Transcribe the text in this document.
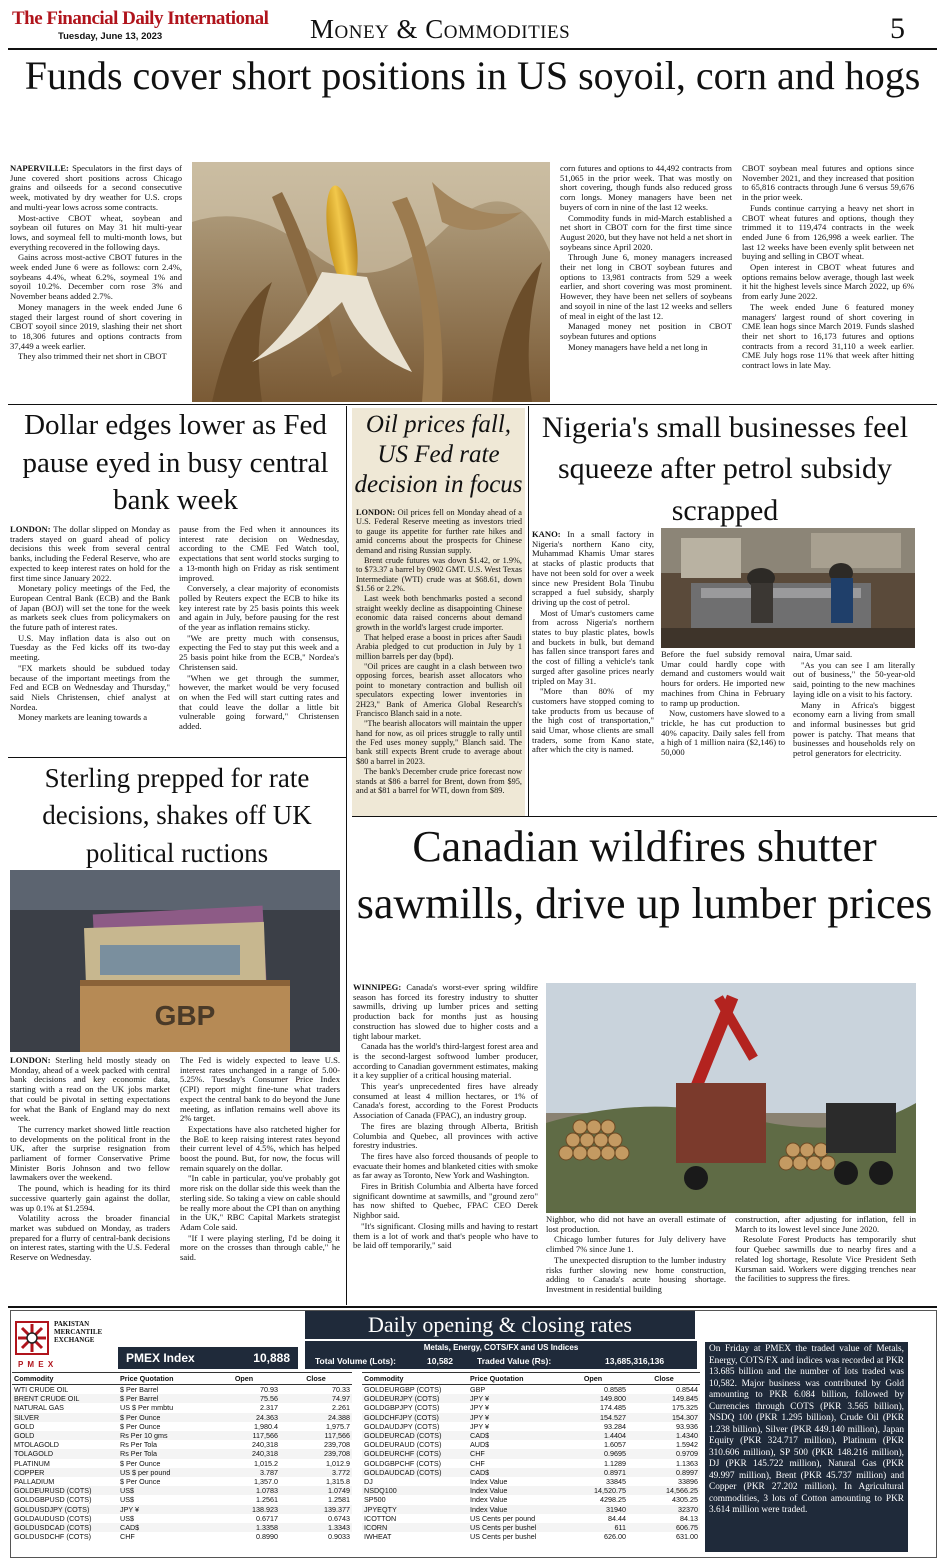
The Financial Daily International
Tuesday, June 13, 2023	Money & Commodities	5
Funds cover short positions in US soyoil, corn and hogs

NAPERVILLE: Speculators in the first days of June covered short positions across Chicago grains and oilseeds for a second consecutive week, motivated by dry weather for U.S. crops and multi-year lows across some contracts.

Most-active CBOT wheat, soybean and soybean oil futures on May 31 hit multi-year lows, and soymeal fell to multi-month lows, but everything recovered in the following days.

Gains across most-active CBOT futures in the week ended June 6 were as follows: corn 2.4%, soybeans 4.4%, wheat 6.2%, soymeal 1% and soyoil 10.2%. December corn rose 3% and November beans added 2.7%.

Money managers in the week ended June 6 staged their largest round of short covering in CBOT soyoil since 2019, slashing their net short to 18,306 futures and options contracts from 37,449 a week earlier.

They also trimmed their net short in CBOT

corn futures and options to 44,492 contracts from 51,065 in the prior week. That was mostly on short covering, though funds also reduced gross corn longs. Money managers have been net buyers of corn in nine of the last 12 weeks.

Commodity funds in mid-March established a net short in CBOT corn for the first time since August 2020, but they have not held a net short in soybeans since April 2020.

Through June 6, money managers increased their net long in CBOT soybean futures and options to 13,981 contracts from 529 a week earlier, and short covering was most prominent. However, they have been net sellers of soybeans and soyoil in nine of the last 12 weeks and sellers of meal in eight of the last 12.

Managed money net position in CBOT soybean futures and options

Money managers have held a net long in

CBOT soybean meal futures and options since November 2021, and they increased that position to 65,816 contracts through June 6 versus 59,676 in the prior week.

Funds continue carrying a heavy net short in CBOT wheat futures and options, though they trimmed it to 119,474 contracts in the week ended June 6 from 126,998 a week earlier. The last 12 weeks have been evenly split between net buying and selling in CBOT wheat.

Open interest in CBOT wheat futures and options remains below average, though last week it hit the highest levels since March 2022, up 6% from early June 2022.

The week ended June 6 featured money managers' largest round of short covering in CME lean hogs since March 2019. Funds slashed their net short to 16,173 futures and options contracts from a record 31,110 a week earlier. CME July hogs rose 11% that week after hitting contract lows in late May.

Dollar edges lower as Fed pause eyed in busy central bank week

LONDON: The dollar slipped on Monday as traders stayed on guard ahead of policy decisions this week from several central banks, including the Federal Reserve, who are expected to keep interest rates on hold for the first time since January 2022.

Monetary policy meetings of the Fed, the European Central Bank (ECB) and the Bank of Japan (BOJ) will set the tone for the week as markets seek clues from policymakers on the future path of interest rates.

U.S. May inflation data is also out on Tuesday as the Fed kicks off its two-day meeting.

"FX markets should be subdued today because of the important meetings from the Fed and ECB on Wednesday and Thursday," said Niels Christensen, chief analyst at Nordea.

Money markets are leaning towards a

pause from the Fed when it announces its interest rate decision on Wednesday, according to the CME Fed Watch tool, expectations that sent world stocks surging to a 13-month high on Friday as risk sentiment improved.

Conversely, a clear majority of economists polled by Reuters expect the ECB to hike its key interest rate by 25 basis points this week and again in July, before pausing for the rest of the year as inflation remains sticky.

"We are pretty much with consensus, expecting the Fed to stay put this week and a 25 basis point hike from the ECB," Nordea's Christensen said.

"When we get through the summer, however, the market would be very focused on when the Fed will start cutting rates and that could leave the dollar a little bit vulnerable going forward," Christensen added.

Oil prices fall, US Fed rate decision in focus

LONDON: Oil prices fell on Monday ahead of a U.S. Federal Reserve meeting as investors tried to gauge its appetite for further rate hikes and amid concerns about the prospects for Chinese demand and rising Russian supply.

Brent crude futures was down $1.42, or 1.9%, to $73.37 a barrel by 0902 GMT. U.S. West Texas Intermediate (WTI) crude was at $68.61, down $1.56 or 2.2%.

Last week both benchmarks posted a second straight weekly decline as disappointing Chinese economic data raised concerns about demand growth in the world's largest crude importer.

That helped erase a boost in prices after Saudi Arabia pledged to cut production in July by 1 million barrels per day (bpd).

"Oil prices are caught in a clash between two opposing forces, bearish asset allocators who point to monetary contraction and bullish oil speculators expecting lower inventories in 2H23," Bank of America Global Research's Francisco Blanch said in a note.

"The bearish allocators will maintain the upper hand for now, as oil prices struggle to rally until the Fed uses money supply," Blanch said. The bank still expects Brent crude to average about $80 a barrel in 2023.

The bank's December crude price forecast now stands at $86 a barrel for Brent, down from $95, and at $81 a barrel for WTI, down from $89.

Nigeria's small businesses feel squeeze after petrol subsidy scrapped

KANO: In a small factory in Nigeria's northern Kano city, Muhammad Khamis Umar stares at stacks of plastic products that have not been sold for over a week since new President Bola Tinubu scrapped a fuel subsidy, sharply driving up the cost of petrol.

Most of Umar's customers came from across Nigeria's northern states to buy plastic plates, bowls and buckets in bulk, but demand has fallen since transport fares and the cost of filling a vehicle's tank surged after gasoline prices nearly tripled on May 31.

"More than 80% of my customers have stopped coming to take products from us because of the high cost of transportation," said Umar, whose clients are small traders, some from Kano state, after which the city is named.

Before the fuel subsidy removal Umar could hardly cope with demand and customers would wait hours for orders. He imported new machines from China in February to ramp up production.

Now, customers have slowed to a trickle, he has cut production to 40% capacity. Daily sales fell from a high of 1 million naira ($2,146) to 50,000

naira, Umar said.

"As you can see I am literally out of business," the 50-year-old said, pointing to the new machines laying idle on a visit to his factory.

Many in Africa's biggest economy earn a living from small and informal businesses but grid power is patchy. That means that businesses and households rely on petrol generators for electricity.

Sterling prepped for rate decisions, shakes off UK political ructions
GBP

LONDON: Sterling held mostly steady on Monday, ahead of a week packed with central bank decisions and key economic data, starting with a read on the UK jobs market that could be pivotal in setting expectations for what the Bank of England may do next week.

The currency market showed little reaction to developments on the political front in the UK, after the surprise resignation from parliament of former Conservative Prime Minister Boris Johnson and two fellow lawmakers over the weekend.

The pound, which is heading for its third successive quarterly gain against the dollar, was up 0.1% at $1.2594.

Volatility across the broader financial market was subdued on Monday, as traders prepared for a flurry of central-bank decisions on interest rates, starting with the U.S. Federal Reserve on Wednesday.

The Fed is widely expected to leave U.S. interest rates unchanged in a range of 5.00-5.25%. Tuesday's Consumer Price Index (CPI) report might fine-tune what traders expect the central bank to do beyond the June meeting, as inflation remains well above its 2% target.

Expectations have also ratcheted higher for the BoE to keep raising interest rates beyond their current level of 4.5%, which has helped boost the pound. But, for now, the focus will remain squarely on the dollar.

"In cable in particular, you've probably got more risk on the dollar side this week than the sterling side. So taking a view on cable should be really more about the CPI than on anything in the UK," RBC Capital Markets strategist Adam Cole said.

"If I were playing sterling, I'd be doing it more on the crosses than through cable," he said.

Canadian wildfires shutter sawmills, drive up lumber prices

WINNIPEG: Canada's worst-ever spring wildfire season has forced its forestry industry to shutter sawmills, driving up lumber prices and setting production back for months just as housing construction has slowed due to higher costs and a tight labour market.

Canada has the world's third-largest forest area and is the second-largest softwood lumber producer, according to Canadian government estimates, making it a key supplier of a critical housing material.

This year's unprecedented fires have already consumed at least 4 million hectares, or 1% of Canada's forest, according to the Forest Products Association of Canada (FPAC), an industry group.

The fires are blazing through Alberta, British Columbia and Quebec, all provinces with active forestry industries.

The fires have also forced thousands of people to evacuate their homes and blanketed cities with smoke as far away as Toronto, New York and Washington.

Fires in British Columbia and Alberta have forced significant downtime at sawmills, and "ground zero" has now shifted to Quebec, FPAC CEO Derek Nighbor said.

"It's significant. Closing mills and having to restart them is a lot of work and that's people who have to be laid off temporarily," said

Nighbor, who did not have an overall estimate of lost production.

Chicago lumber futures for July delivery have climbed 7% since June 1.

The unexpected disruption to the lumber industry risks further slowing new home construction, adding to Canada's acute housing shortage. Investment in residential building

construction, after adjusting for inflation, fell in March to its lowest level since June 2020.

Resolute Forest Products has temporarily shut four Quebec sawmills due to nearby fires and a related log shortage, Resolute Vice President Seth Kursman said. Workers were digging trenches near the facilities to suppress the fires.

PAKISTAN
MERCANTILE
EXCHANGE
P M E X
Daily opening & closing rates
PMEX Index	10,888
Metals, Energy, COTS/FX and US Indices
Total Volume (Lots):	10,582	Traded Value (Rs):	13,685,316,136
Commodity	Price Quotation	Open	Close
WTI CRUDE OIL	$ Per Barrel	70.93	70.33
BRENT CRUDE OIL	$ Per Barrel	75.56	74.97
NATURAL GAS	US $ Per mmbtu	2.317	2.261
SILVER	$ Per Ounce	24.363	24.388
GOLD	$ Per Ounce	1,980.4	1,975.7
GOLD	Rs Per 10 gms	117,566	117,566
MTOLAGOLD	Rs Per Tola	240,318	239,708
TOLAGOLD	Rs Per Tola	240,318	239,708
PLATINUM	$ Per Ounce	1,015.2	1,012.9
COPPER	US $ per pound	3.787	3.772
PALLADIUM	$ Per Ounce	1,357.0	1,315.8
GOLDEURUSD (COTS)	US$	1.0783	1.0749
GOLDGBPUSD (COTS)	US$	1.2561	1.2581
GOLDUSDJPY (COTS)	JPY ¥	138.923	139.377
GOLDAUDUSD (COTS)	US$	0.6717	0.6743
GOLDUSDCAD (COTS)	CAD$	1.3358	1.3343
GOLDUSDCHF (COTS)	CHF	0.8990	0.9033
Commodity	Price Quotation	Open	Close
GOLDEURGBP (COTS)	GBP	0.8585	0.8544
GOLDEURJPY (COTS)	JPY ¥	149.800	149.845
GOLDGBPJPY (COTS)	JPY ¥	174.485	175.325
GOLDCHFJPY (COTS)	JPY ¥	154.527	154.307
GOLDAUDJPY (COTS)	JPY ¥	93.284	93.936
GOLDEURCAD (COTS)	CAD$	1.4404	1.4340
GOLDEURAUD (COTS)	AUD$	1.6057	1.5942
GOLDEURCHF (COTS)	CHF	0.9695	0.9709
GOLDGBPCHF (COTS)	CHF	1.1289	1.1363
GOLDAUDCAD (COTS)	CAD$	0.8971	0.8997
DJ	Index Value	33845	33896
NSDQ100	Index Value	14,520.75	14,566.25
SP500	Index Value	4298.25	4305.25
JPYEQTY	Index Value	31940	32370
ICOTTON	US Cents per pound	84.44	84.13
ICORN	US Cents per bushel	611	606.75
IWHEAT	US Cents per bushel	626.00	631.00
On Friday at PMEX the traded value of Metals, Energy, COTS/FX and indices was recorded at PKR 13.685 billion and the number of lots traded was 10,582. Major business was contributed by Gold amounting to PKR 6.084 billion, followed by Currencies through COTS (PKR 3.565 billion), NSDQ 100 (PKR 1.295 billion), Crude Oil (PKR 1.238 billion), Silver (PKR 449.140 million), Japan Equity (PKR 324.717 million), Platinum (PKR 310.606 million), SP 500 (PKR 148.216 million), DJ (PKR 145.722 million), Natural Gas (PKR 49.997 million), Brent (PKR 45.737 million) and Copper (PKR 27.202 million). In Agricultural commodities, 3 lots of Cotton amounting to PKR 3.614 million were traded.
